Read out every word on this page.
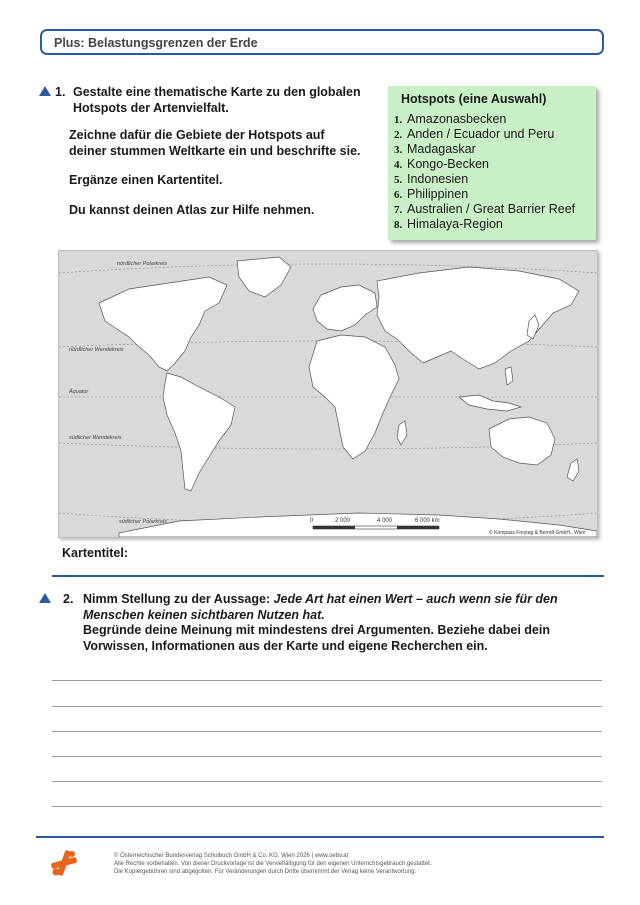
Plus: Belastungsgrenzen der Erde
1. Gestalte eine thematische Karte zu den globalen
Hotspots der Artenvielfalt.
Zeichne dafür die Gebiete der Hotspots auf
deiner stummen Weltkarte ein und beschrifte sie.
Ergänze einen Kartentitel.
Du kannst deinen Atlas zur Hilfe nehmen.
Hotspots (eine Auswahl)
1. Amazonasbecken
2. Anden / Ecuador und Peru
3. Madagaskar
4. Kongo-Becken
5. Indonesien
6. Philippinen
7. Australien / Great Barrier Reef
8. Himalaya-Region
nördlicher Polarkreis
nördlicher Wendekreis
Äquator
südlicher Wendekreis
südlicher Polarkreis	0	2 000	4 000	6 000 km
© Kompass Freytag & Berndt GmbH., Wien
Kartentitel:
2. Nimm Stellung zu der Aussage: Jede Art hat einen Wert – auch wenn sie für den
Menschen keinen sichtbaren Nutzen hat.
Begründe deine Meinung mit mindestens drei Argumenten. Beziehe dabei dein
Vorwissen, Informationen aus der Karte und eigene Recherchen ein.
© Österreichischer Bundesverlag Schulbuch GmbH & Co. KG, Wien 2026 | www.oebv.at
Alle Rechte vorbehalten. Von dieser Druckvorlage ist die Vervielfältigung für den eigenen Unterrichtsgebrauch gestattet.
Die Kopiergebühren sind abgegolten. Für Veränderungen durch Dritte übernimmt der Verlag keine Verantwortung.
